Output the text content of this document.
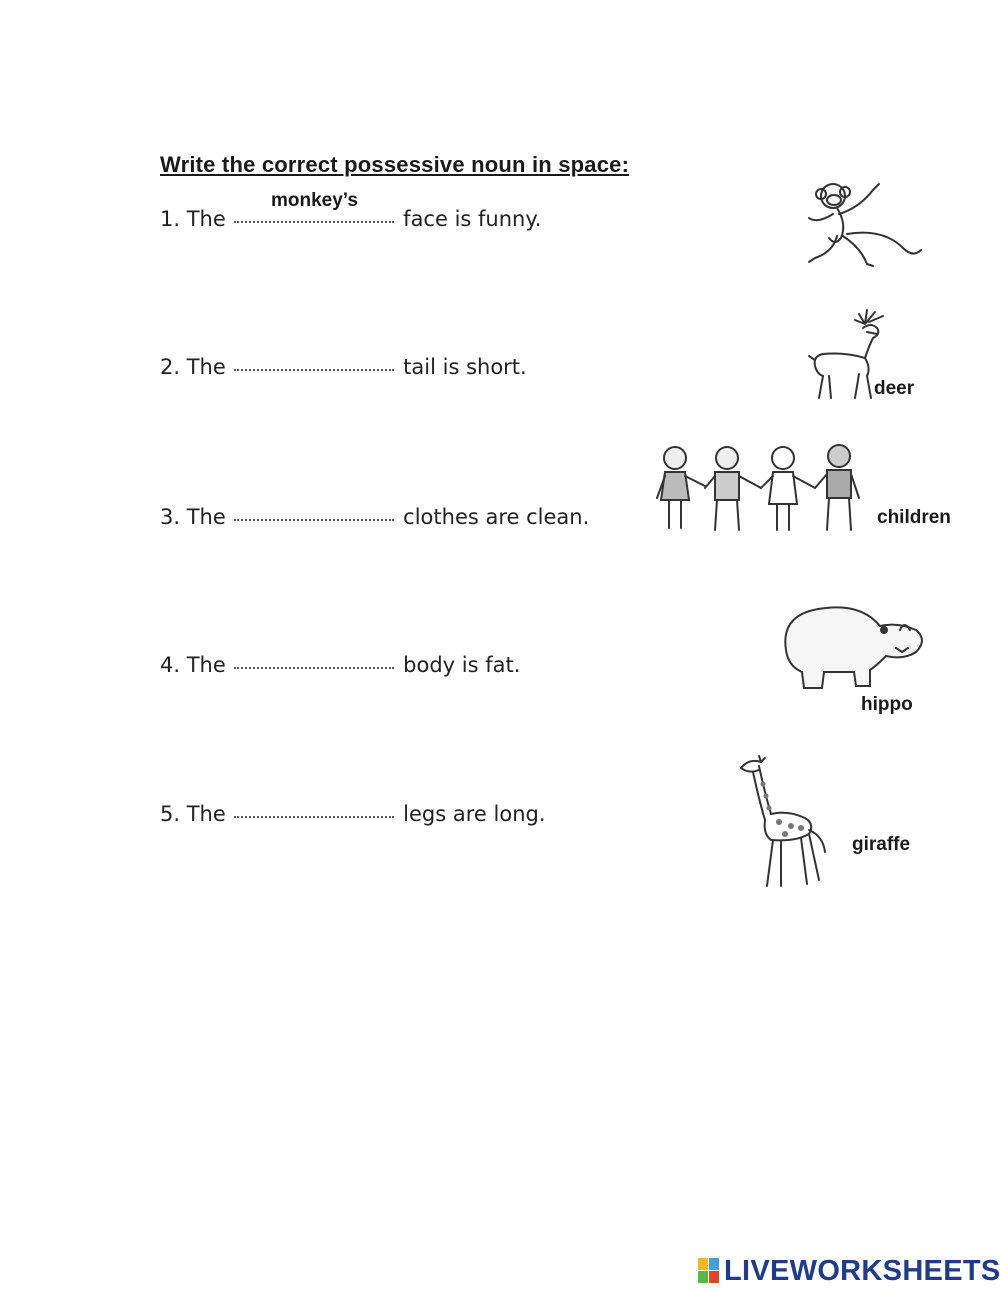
Write the correct possessive noun in space:
1. The
monkey’s	face is funny.
2. The	tail is short.
3. The	clothes are clean.
4. The	body is fat.
5. The	legs are long.
deer
children
hippo
giraffe
LIVEWORKSHEETS
